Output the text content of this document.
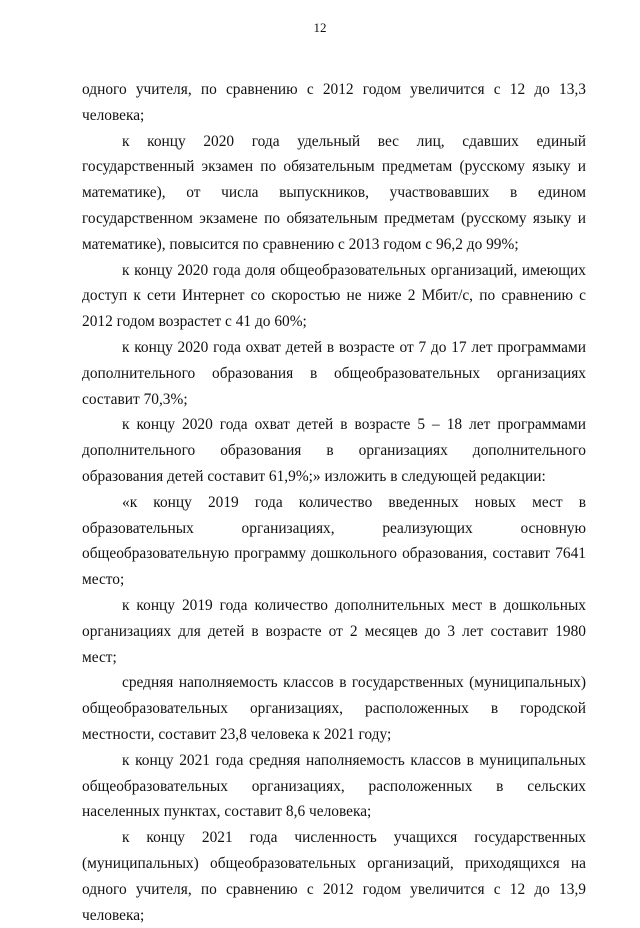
12

одного учителя, по сравнению с 2012 годом увеличится с 12 до 13,3 человека;

к концу 2020 года удельный вес лиц, сдавших единый государственный экзамен по обязательным предметам (русскому языку и математике), от числа выпускников, участвовавших в едином государственном экзамене по обязательным предметам (русскому языку и математике), повысится по сравнению с 2013 годом с 96,2 до 99%;

к концу 2020 года доля общеобразовательных организаций, имеющих доступ к сети Интернет со скоростью не ниже 2 Мбит/с, по сравнению с 2012 годом возрастет с 41 до 60%;

к концу 2020 года охват детей в возрасте от 7 до 17 лет программами дополнительного образования в общеобразовательных организациях составит 70,3%;

к концу 2020 года охват детей в возрасте 5 – 18 лет программами дополнительного образования в организациях дополнительного образования детей составит 61,9%;» изложить в следующей редакции:

«к концу 2019 года количество введенных новых мест в образовательных организациях, реализующих основную общеобразовательную программу дошкольного образования, составит 7641 место;

к концу 2019 года количество дополнительных мест в дошкольных организациях для детей в возрасте от 2 месяцев до 3 лет составит 1980 мест;

средняя наполняемость классов в государственных (муниципальных) общеобразовательных организациях, расположенных в городской местности, составит 23,8 человека к 2021 году;

к концу 2021 года средняя наполняемость классов в муниципальных общеобразовательных организациях, расположенных в сельских населенных пунктах, составит 8,6 человека;

к концу 2021 года численность учащихся государственных (муниципальных) общеобразовательных организаций, приходящихся на одного учителя, по сравнению с 2012 годом увеличится с 12 до 13,9 человека;
